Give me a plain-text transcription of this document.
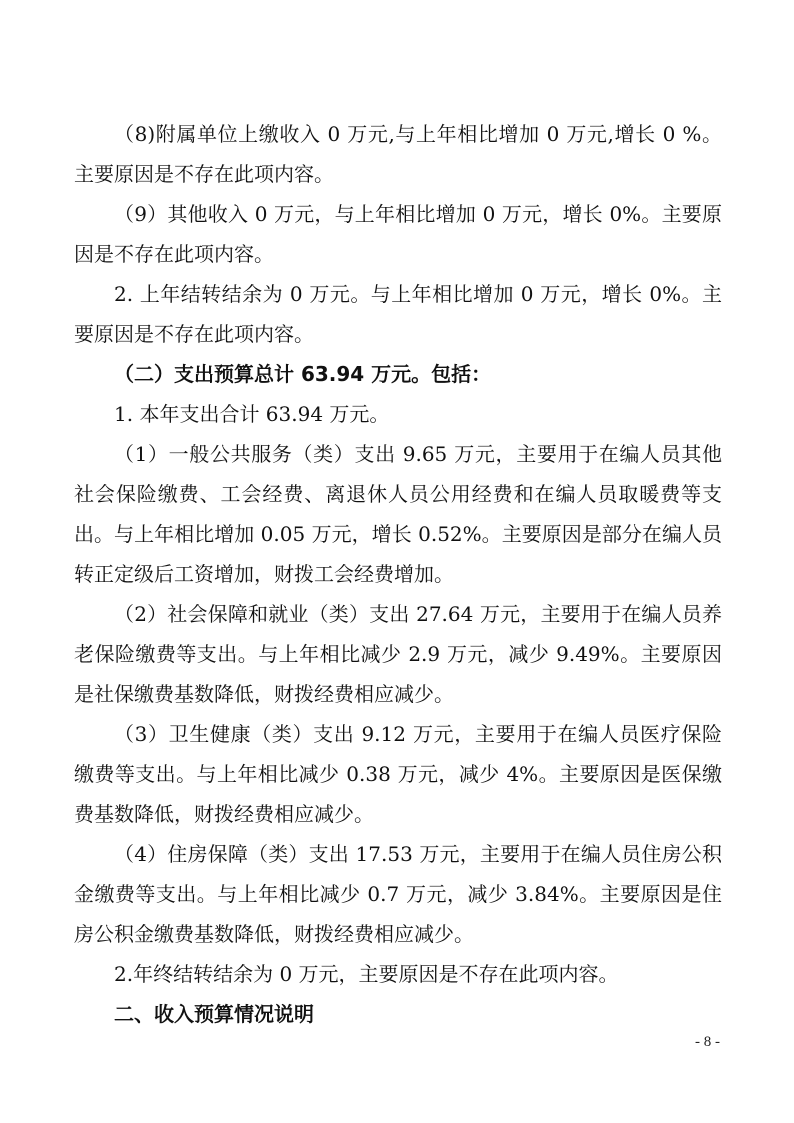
（8)附属单位上缴收入 0 万元,与上年相比增加 0 万元,增长 0 %。主要原因是不存在此项内容。

（9）其他收入 0 万元，与上年相比增加 0 万元，增长 0%。主要原因是不存在此项内容。

2. 上年结转结余为 0 万元。与上年相比增加 0 万元，增长 0%。主要原因是不存在此项内容。

（二）支出预算总计 63.94 万元。包括：

1. 本年支出合计 63.94 万元。

（1）一般公共服务（类）支出 9.65 万元，主要用于在编人员其他社会保险缴费、工会经费、离退休人员公用经费和在编人员取暖费等支出。与上年相比增加 0.05 万元，增长 0.52%。主要原因是部分在编人员转正定级后工资增加，财拨工会经费增加。

（2）社会保障和就业（类）支出 27.64 万元，主要用于在编人员养老保险缴费等支出。与上年相比减少 2.9 万元，减少 9.49%。主要原因是社保缴费基数降低，财拨经费相应减少。

（3）卫生健康（类）支出 9.12 万元，主要用于在编人员医疗保险缴费等支出。与上年相比减少 0.38 万元，减少 4%。主要原因是医保缴费基数降低，财拨经费相应减少。

（4）住房保障（类）支出 17.53 万元，主要用于在编人员住房公积金缴费等支出。与上年相比减少 0.7 万元，减少 3.84%。主要原因是住房公积金缴费基数降低，财拨经费相应减少。

2.年终结转结余为 0 万元，主要原因是不存在此项内容。

二、收入预算情况说明

- 8 -
